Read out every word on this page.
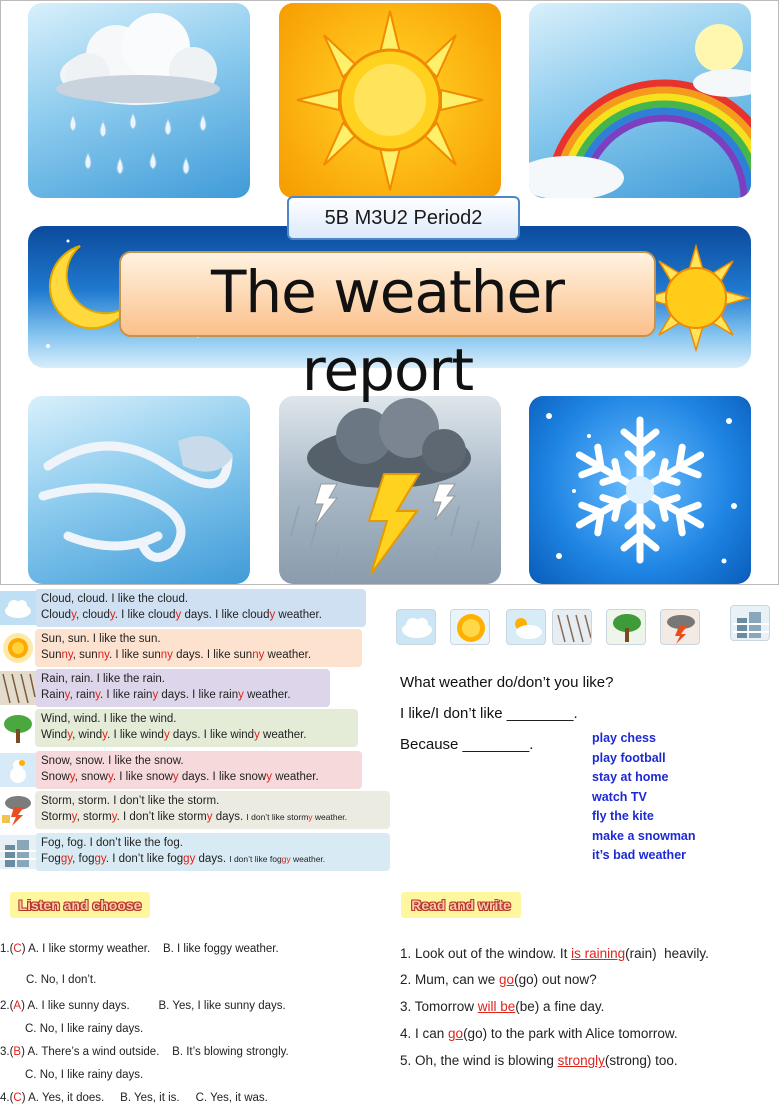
5B M3U2 Period2
The weather report
Cloud, cloud. I like the cloud.
Cloudy, cloudy. I like cloudy days. I like cloudy weather.
Sun, sun. I like the sun.
Sunny, sunny. I like sunny days. I like sunny weather.
Rain, rain. I like the rain.
Rainy, rainy. I like rainy days. I like rainy weather.
Wind, wind. I like the wind.
Windy, windy. I like windy days. I like windy weather.
Snow, snow. I like the snow.
Snowy, snowy. I like snowy days. I like snowy weather.
Storm, storm. I don’t like the storm.
Stormy, stormy. I don’t like stormy days. I don’t like stormy weather.
Fog, fog. I don’t like the fog.
Foggy, foggy. I don’t like foggy days. I don’t like foggy weather.
What weather do/don’t you like?
I like/I don’t like ________.
Because ________.	play chess
play football
stay at home
watch TV
fly the kite
make a snowman
it’s bad weather
Listen and choose	Read and write
1.(C) A. I like stormy weather.    B. I like foggy weather.
C. No, I don’t.
2.(A) A. I like sunny days.         B. Yes, I like sunny days.
C. No, I like rainy days.
3.(B) A. There’s a wind outside.    B. It’s blowing strongly.
C. No, I like rainy days.
4.(C) A. Yes, it does.     B. Yes, it is.     C. Yes, it was.
1. Look out of the window. It is raining(rain)  heavily.
2. Mum, can we go(go) out now?
3. Tomorrow will be(be) a fine day.
4. I can go(go) to the park with Alice tomorrow.
5. Oh, the wind is blowing strongly(strong) too.
